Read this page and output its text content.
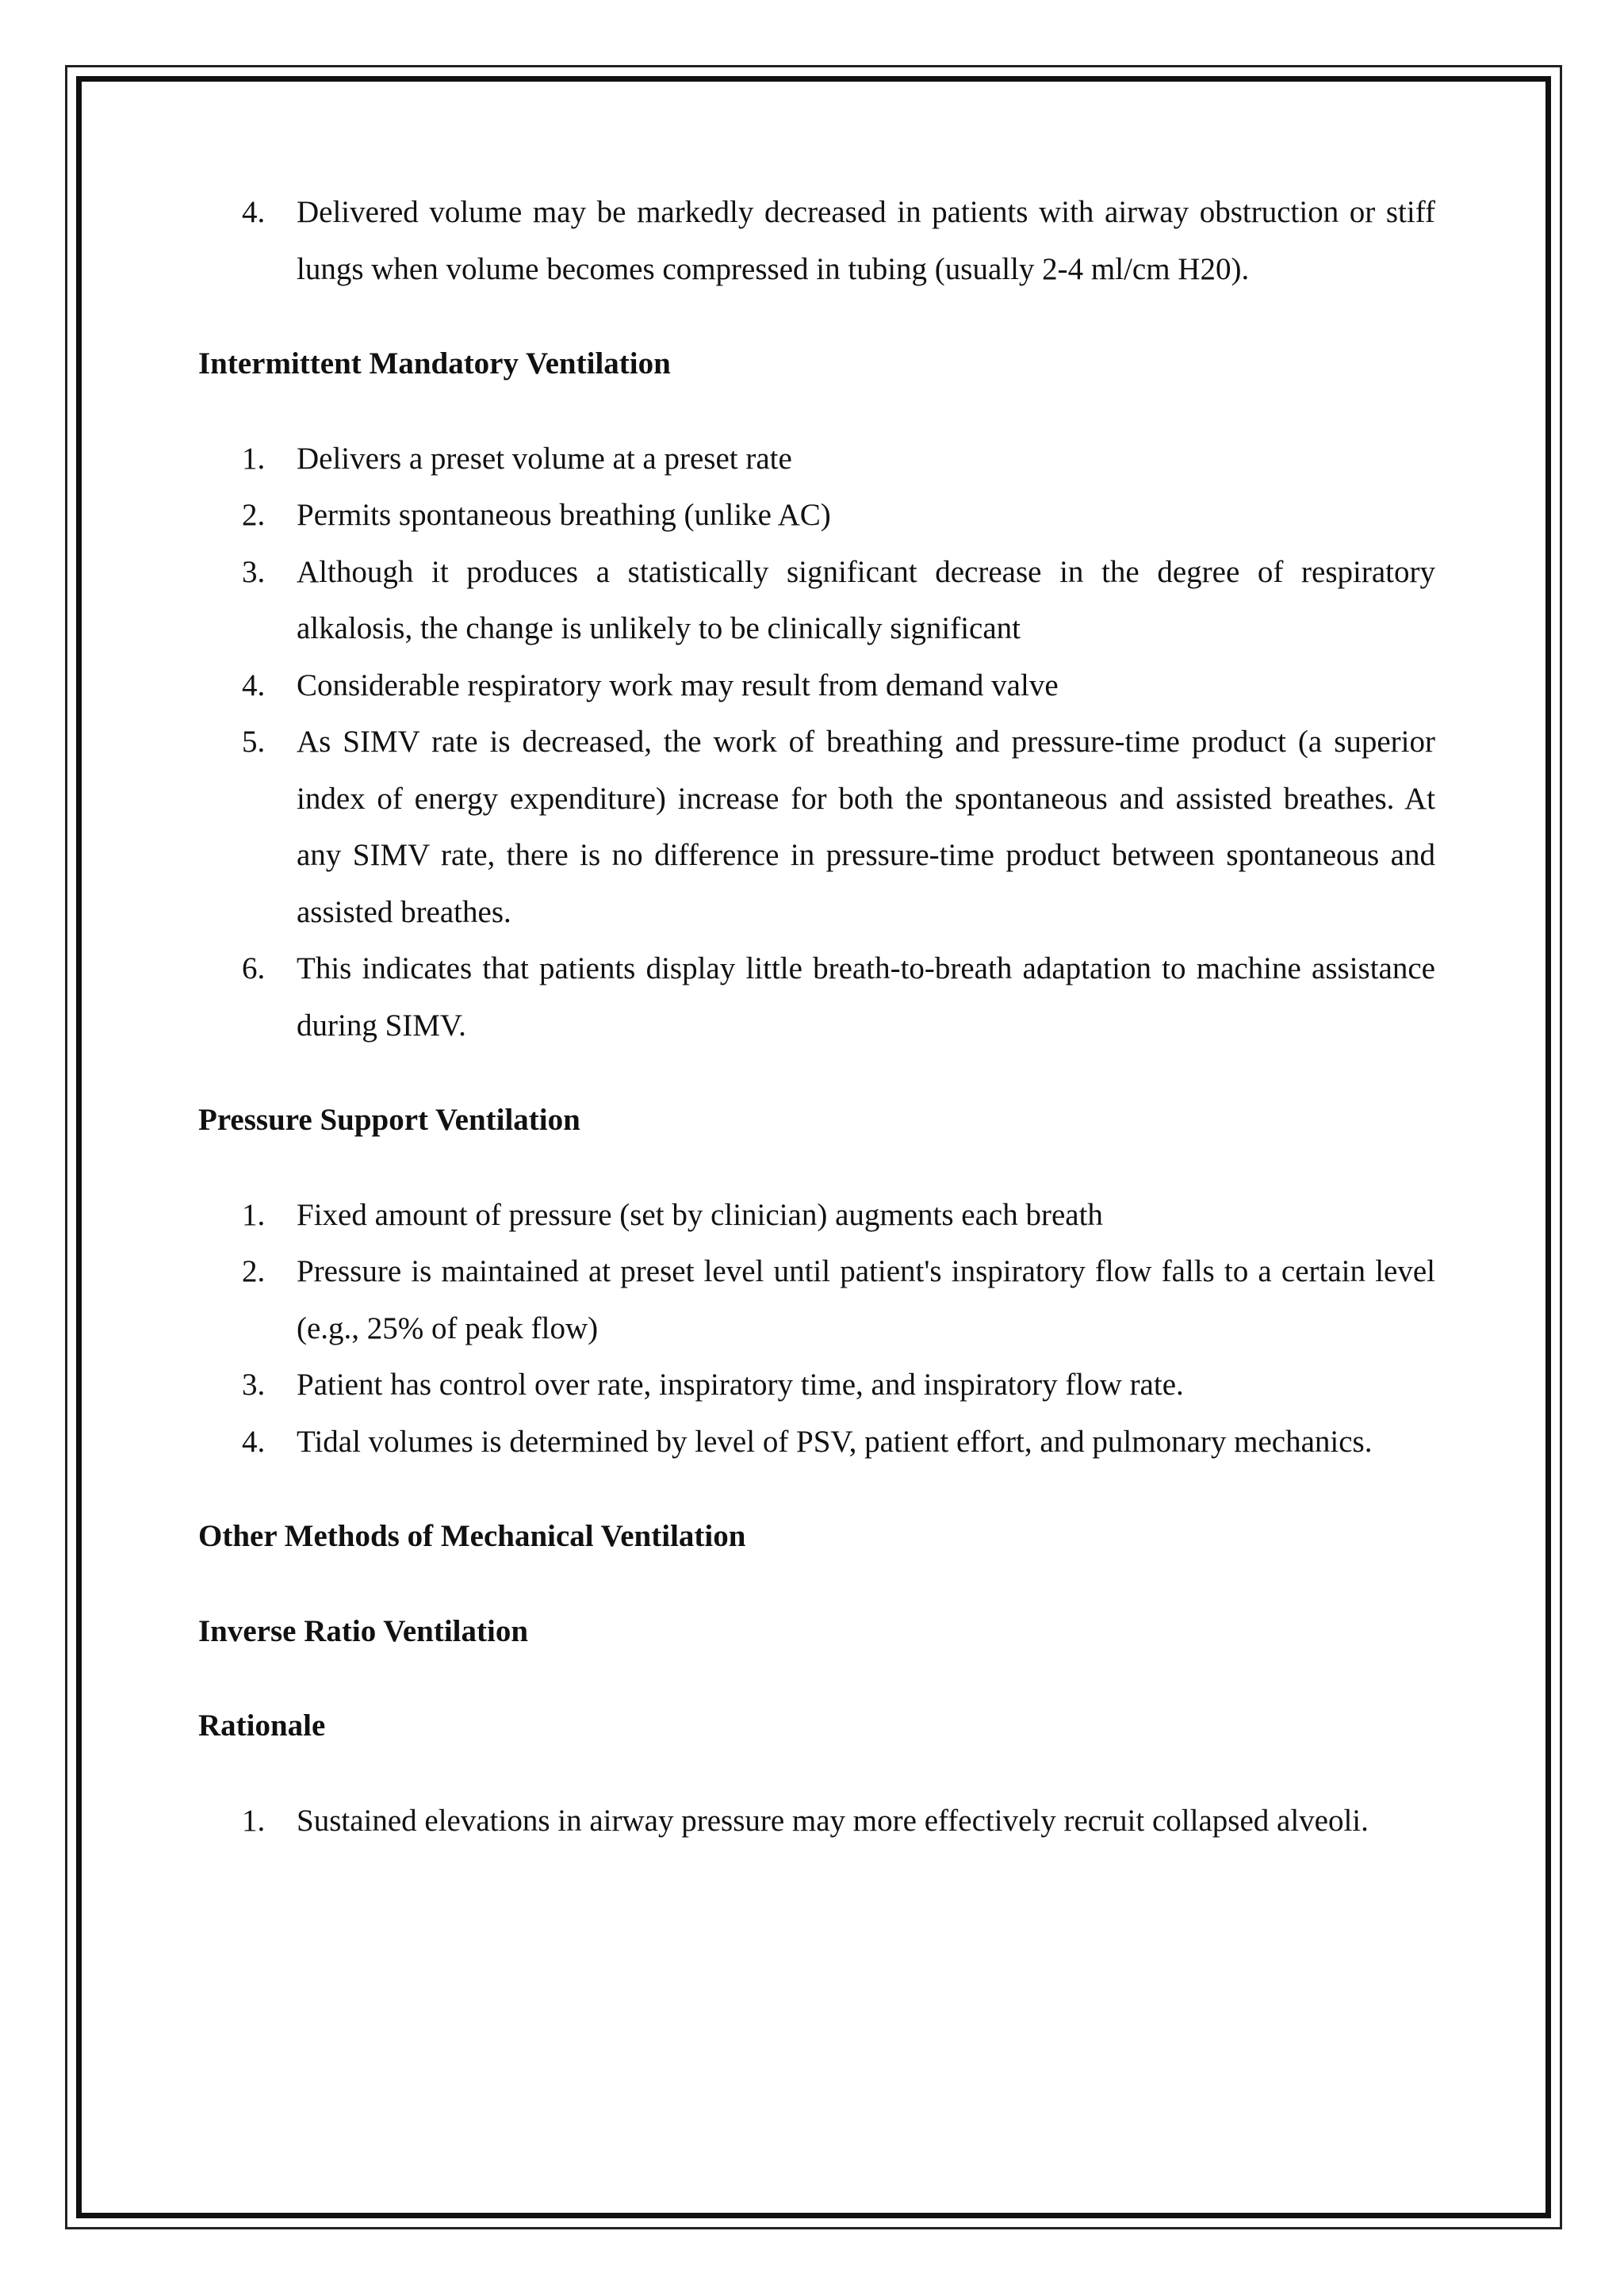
4. Delivered volume may be markedly decreased in patients with airway obstruction or stiff lungs when volume becomes compressed in tubing (usually 2-4 ml/cm H20).
Intermittent Mandatory Ventilation
1. Delivers a preset volume at a preset rate
2. Permits spontaneous breathing (unlike AC)
3. Although it produces a statistically significant decrease in the degree of respiratory alkalosis, the change is unlikely to be clinically significant
4. Considerable respiratory work may result from demand valve
5. As SIMV rate is decreased, the work of breathing and pressure-time product (a superior index of energy expenditure) increase for both the spontaneous and assisted breathes. At any SIMV rate, there is no difference in pressure-time product between spontaneous and assisted breathes.
6. This indicates that patients display little breath-to-breath adaptation to machine assistance during SIMV.
Pressure Support Ventilation
1. Fixed amount of pressure (set by clinician) augments each breath
2. Pressure is maintained at preset level until patient's inspiratory flow falls to a certain level (e.g., 25% of peak flow)
3. Patient has control over rate, inspiratory time, and inspiratory flow rate.
4. Tidal volumes is determined by level of PSV, patient effort, and pulmonary mechanics.
Other Methods of Mechanical Ventilation
Inverse Ratio Ventilation
Rationale
1. Sustained elevations in airway pressure may more effectively recruit collapsed alveoli.
